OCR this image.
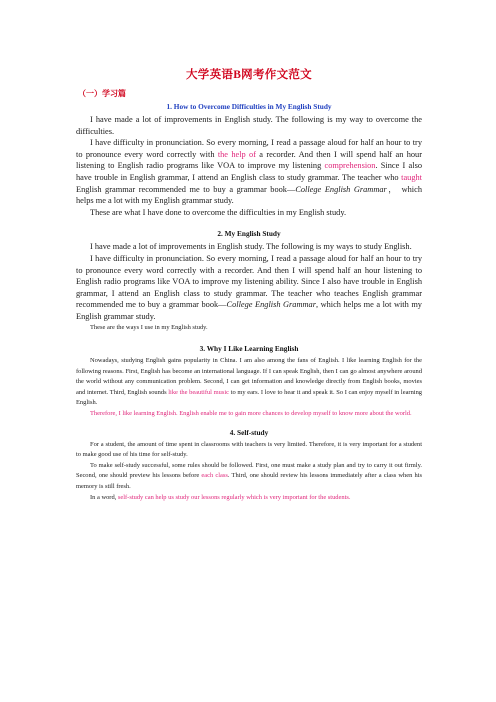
大学英语B网考作文范文
（一）学习篇
1. How to Overcome Difficulties in My English Study

I have made a lot of improvements in English study. The following is my way to overcome the difficulties.

I have difficulty in pronunciation. So every morning, I read a passage aloud for half an hour to try to pronounce every word correctly with the help of a recorder. And then I will spend half an hour listening to English radio programs like VOA to improve my listening comprehension. Since I also have trouble in English grammar, I attend an English class to study grammar. The teacher who taught English grammar recommended me to buy a grammar book—College English Grammar， which helps me a lot with my English grammar study.

These are what I have done to overcome the difficulties in my English study.

2. My English Study

I have made a lot of improvements in English study. The following is my ways to study English.

I have difficulty in pronunciation. So every morning, I read a passage aloud for half an hour to try to pronounce every word correctly with a recorder. And then I will spend half an hour listening to English radio programs like VOA to improve my listening ability. Since I also have trouble in English grammar, I attend an English class to study grammar. The teacher who teaches English grammar recommended me to buy a grammar book—College English Grammar, which helps me a lot with my English grammar study.

These are the ways I use in my English study.

3. Why I Like Learning English

Nowadays, studying English gains popularity in China. I am also among the fans of English. I like learning English for the following reasons. First, English has become an international language. If I can speak English, then I can go almost anywhere around the world without any communication problem. Second, I can get information and knowledge directly from English books, movies and internet. Third, English sounds like the beautiful music to my ears. I love to hear it and speak it. So I can enjoy myself in learning English.

Therefore, I like learning English. English enable me to gain more chances to develop myself to know more about the world.

4. Self-study

For a student, the amount of time spent in classrooms with teachers is very limited. Therefore, it is very important for a student to make good use of his time for self-study.

To make self-study successful, some rules should be followed. First, one must make a study plan and try to carry it out firmly. Second, one should preview his lessons before each class. Third, one should review his lessons immediately after a class when his memory is still fresh.

In a word, self-study can help us study our lessons regularly which is very important for the students.
